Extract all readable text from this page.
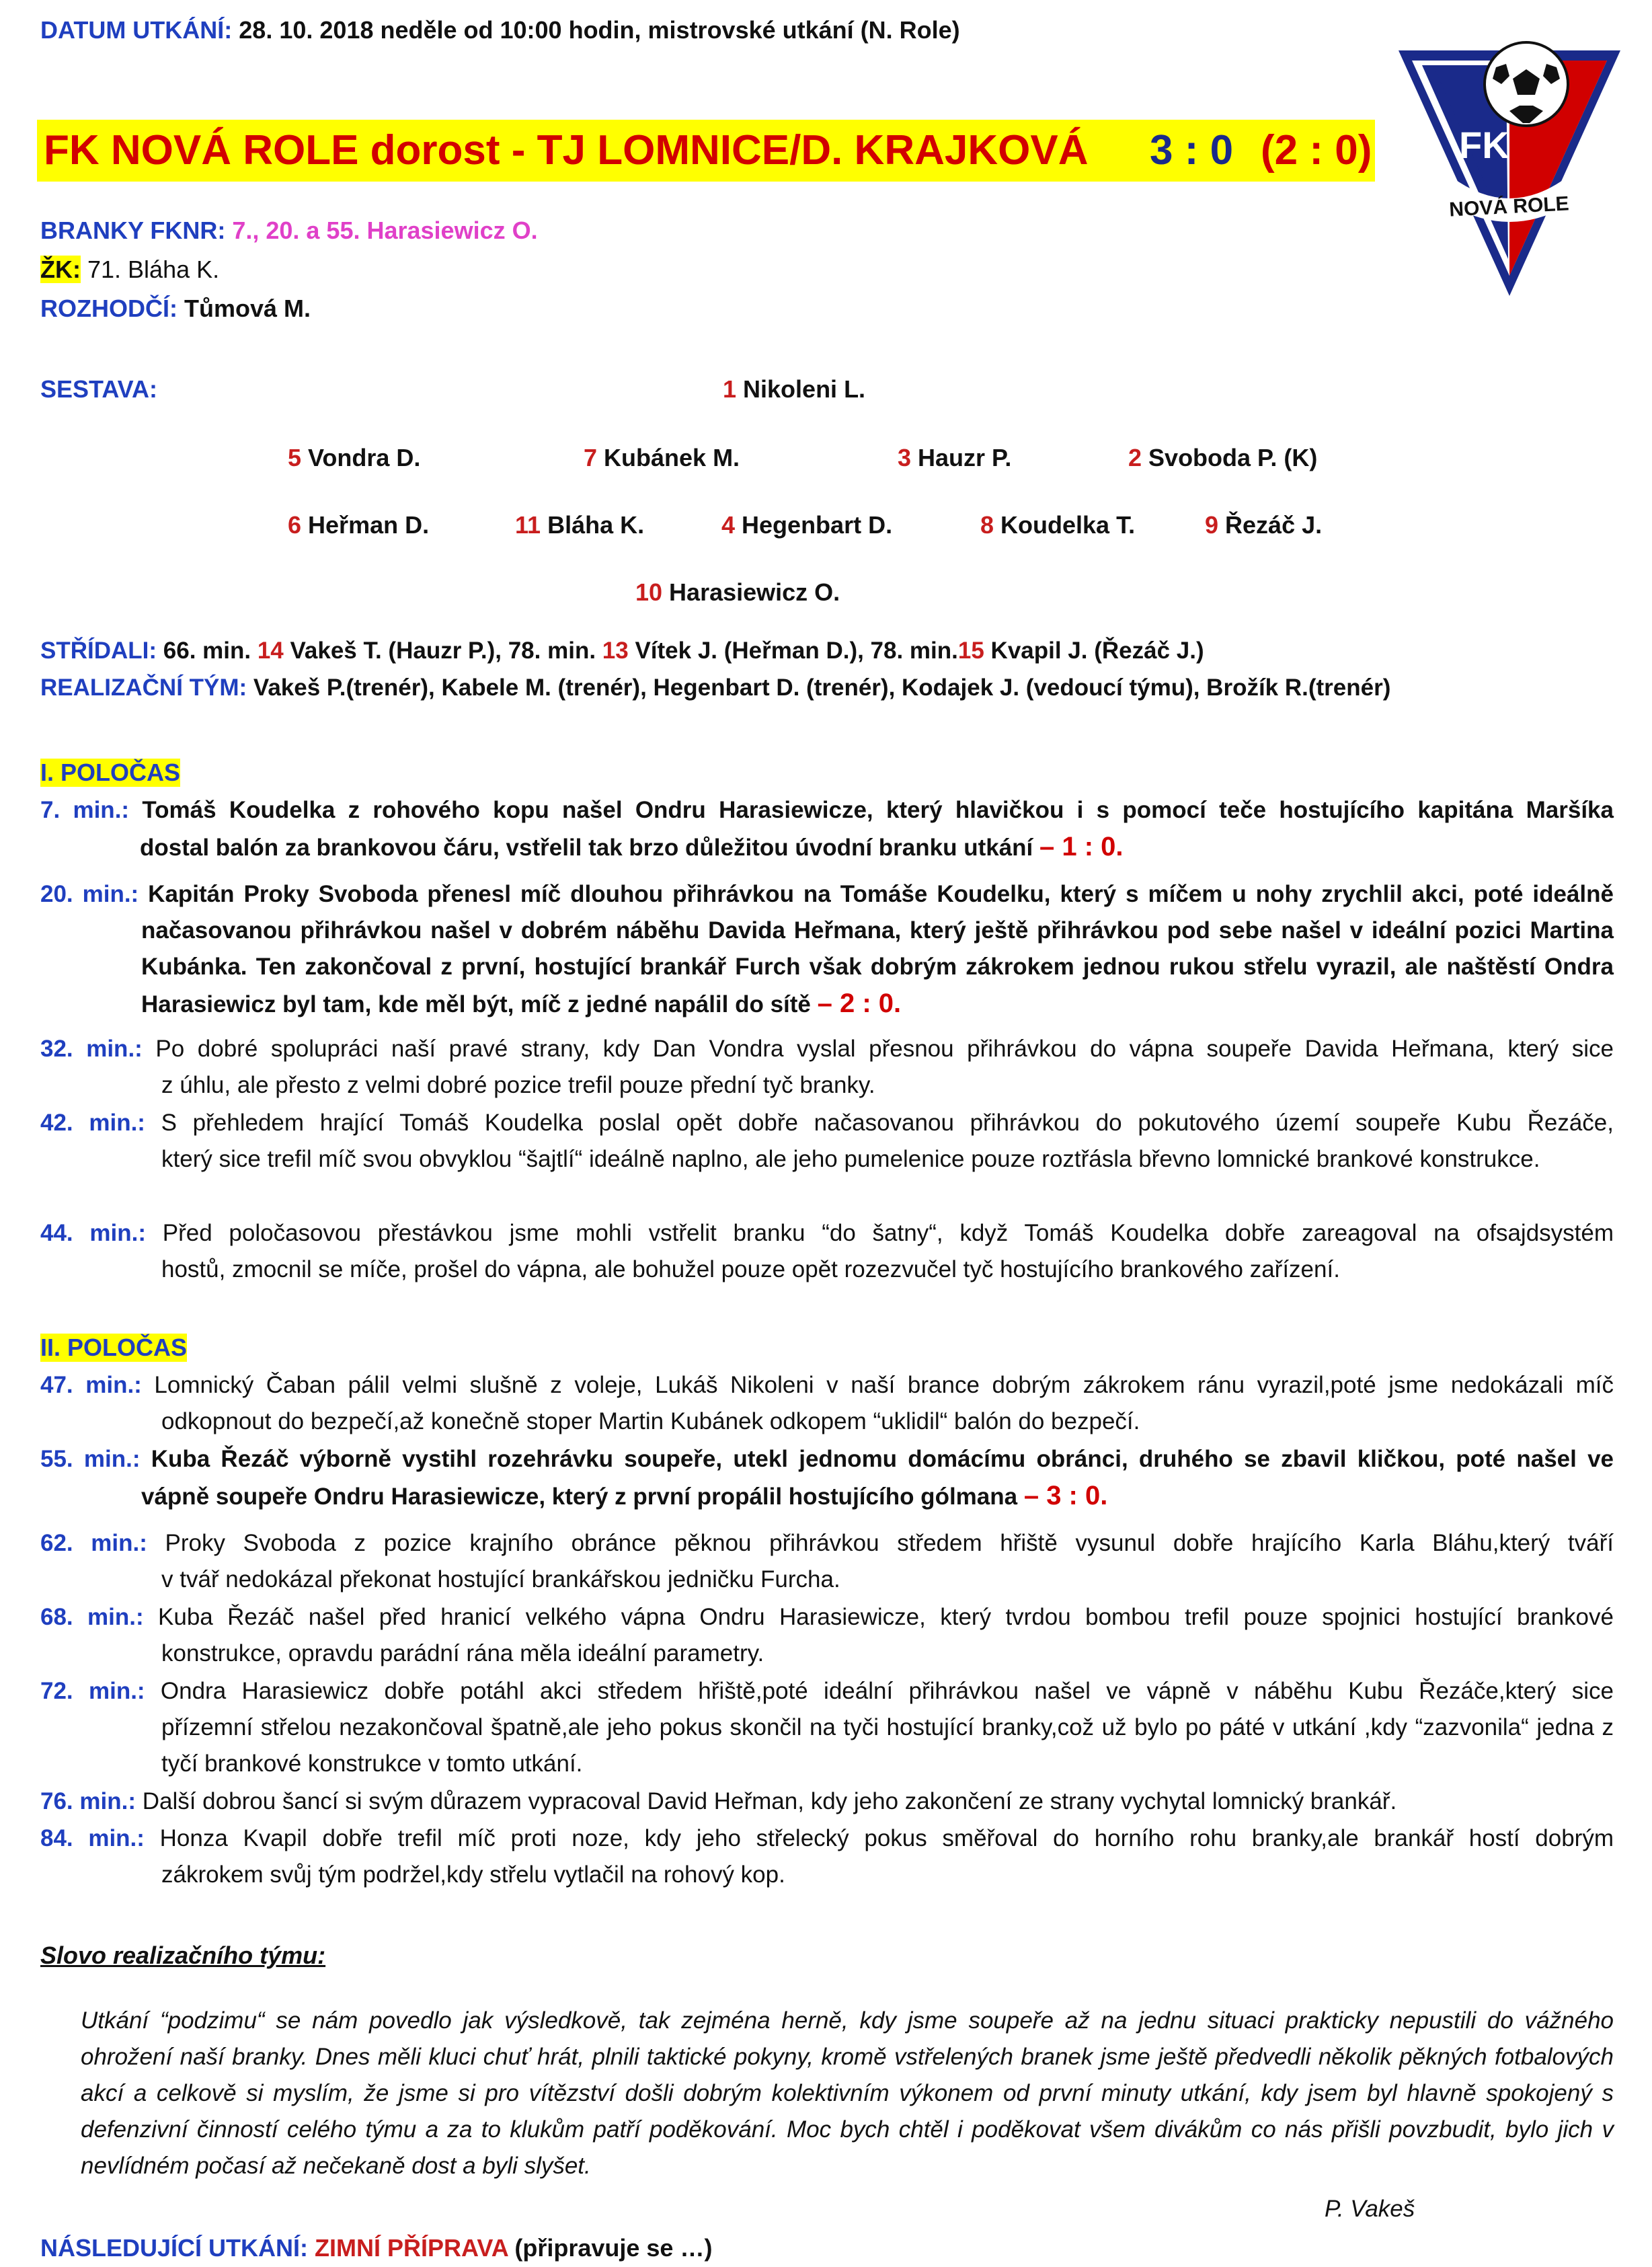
DATUM UTKÁNÍ: 28. 10. 2018 neděle od 10:00 hodin, mistrovské utkání (N. Role)
FK NOVÁ ROLE dorost - TJ LOMNICE/D. KRAJKOVÁ 3 : 0 (2 : 0) FK
NOVÁ ROLE
BRANKY FKNR: 7., 20. a 55. Harasiewicz O.
ŽK: 71. Bláha K.
ROZHODČÍ: Tůmová M.
SESTAVA:	1 Nikoleni L.
5 Vondra D.	7 Kubánek M.	3 Hauzr P.	2 Svoboda P. (K)
6 Heřman D.	11 Bláha K.	4 Hegenbart D.	8 Koudelka T.	9 Řezáč J.
10 Harasiewicz O.
STŘÍDALI: 66. min. 14 Vakeš T. (Hauzr P.), 78. min. 13 Vítek J. (Heřman D.), 78. min.15 Kvapil J. (Řezáč J.)
REALIZAČNÍ TÝM: Vakeš P.(trenér), Kabele M. (trenér), Hegenbart D. (trenér), Kodajek J. (vedoucí týmu), Brožík R.(trenér)
I. POLOČAS
7. min.: Tomáš Koudelka z rohového kopu našel Ondru Harasiewicze, který hlavičkou i s pomocí teče hostujícího kapitána Maršíka
dostal balón za brankovou čáru, vstřelil tak brzo důležitou úvodní branku utkání – 1 : 0.
20. min.: Kapitán Proky Svoboda přenesl míč dlouhou přihrávkou na Tomáše Koudelku, který s míčem u nohy zrychlil akci, poté ideálně
načasovanou přihrávkou našel v dobrém náběhu Davida Heřmana, který ještě přihrávkou pod sebe našel v ideální pozici Martina Kubánka. Ten zakončoval z první, hostující brankář Furch však dobrým zákrokem jednou rukou střelu vyrazil, ale naštěstí Ondra Harasiewicz byl tam, kde měl být, míč z jedné napálil do sítě – 2 : 0.
32. min.: Po dobré spolupráci naší pravé strany, kdy Dan Vondra vyslal přesnou přihrávkou do vápna soupeře Davida Heřmana, který sice
z úhlu, ale přesto z velmi dobré pozice trefil pouze přední tyč branky.
42. min.: S přehledem hrající Tomáš Koudelka poslal opět dobře načasovanou přihrávkou do pokutového území soupeře Kubu Řezáče,
který sice trefil míč svou obvyklou “šajtlí“ ideálně naplno, ale jeho pumelenice pouze roztřásla břevno lomnické brankové konstrukce.
44. min.: Před poločasovou přestávkou jsme mohli vstřelit branku “do šatny“, když Tomáš Koudelka dobře zareagoval na ofsajdsystém
hostů, zmocnil se míče, prošel do vápna, ale bohužel pouze opět rozezvučel tyč hostujícího brankového zařízení.
II. POLOČAS
47. min.: Lomnický Čaban pálil velmi slušně z voleje, Lukáš Nikoleni v naší brance dobrým zákrokem ránu vyrazil,poté jsme nedokázali míč
odkopnout do bezpečí,až konečně stoper Martin Kubánek odkopem “uklidil“ balón do bezpečí.
55. min.: Kuba Řezáč výborně vystihl rozehrávku soupeře, utekl jednomu domácímu obránci, druhého se zbavil kličkou, poté našel ve
vápně soupeře Ondru Harasiewicze, který z první propálil hostujícího gólmana – 3 : 0.
62. min.: Proky Svoboda z pozice krajního obránce pěknou přihrávkou středem hřiště vysunul dobře hrajícího Karla Bláhu,který tváří
v tvář nedokázal překonat hostující brankářskou jedničku Furcha.
68. min.: Kuba Řezáč našel před hranicí velkého vápna Ondru Harasiewicze, který tvrdou bombou trefil pouze spojnici hostující brankové
konstrukce, opravdu parádní rána měla ideální parametry.
72. min.: Ondra Harasiewicz dobře potáhl akci středem hřiště,poté ideální přihrávkou našel ve vápně v náběhu Kubu Řezáče,který sice
přízemní střelou nezakončoval špatně,ale jeho pokus skončil na tyči hostující branky,což už bylo po páté v utkání ,kdy “zazvonila“ jedna z tyčí brankové konstrukce v tomto utkání.
76. min.: Další dobrou šancí si svým důrazem vypracoval David Heřman, kdy jeho zakončení ze strany vychytal lomnický brankář.
84. min.: Honza Kvapil dobře trefil míč proti noze, kdy jeho střelecký pokus směřoval do horního rohu branky,ale brankář hostí dobrým
zákrokem svůj tým podržel,kdy střelu vytlačil na rohový kop.
Slovo realizačního týmu:
Utkání “podzimu“ se nám povedlo jak výsledkově, tak zejména herně, kdy jsme soupeře až na jednu situaci prakticky nepustili do vážného ohrožení naší branky. Dnes měli kluci chuť hrát, plnili taktické pokyny, kromě vstřelených branek jsme ještě předvedli několik pěkných fotbalových akcí a celkově si myslím, že jsme si pro vítězství došli dobrým kolektivním výkonem od první minuty utkání, kdy jsem byl hlavně spokojený s defenzivní činností celého týmu a za to klukům patří poděkování. Moc bych chtěl i poděkovat všem divákům co nás přišli povzbudit, bylo jich v nevlídném počasí až nečekaně dost a byli slyšet.
P. Vakeš
NÁSLEDUJÍCÍ UTKÁNÍ: ZIMNÍ PŘÍPRAVA (připravuje se …)
